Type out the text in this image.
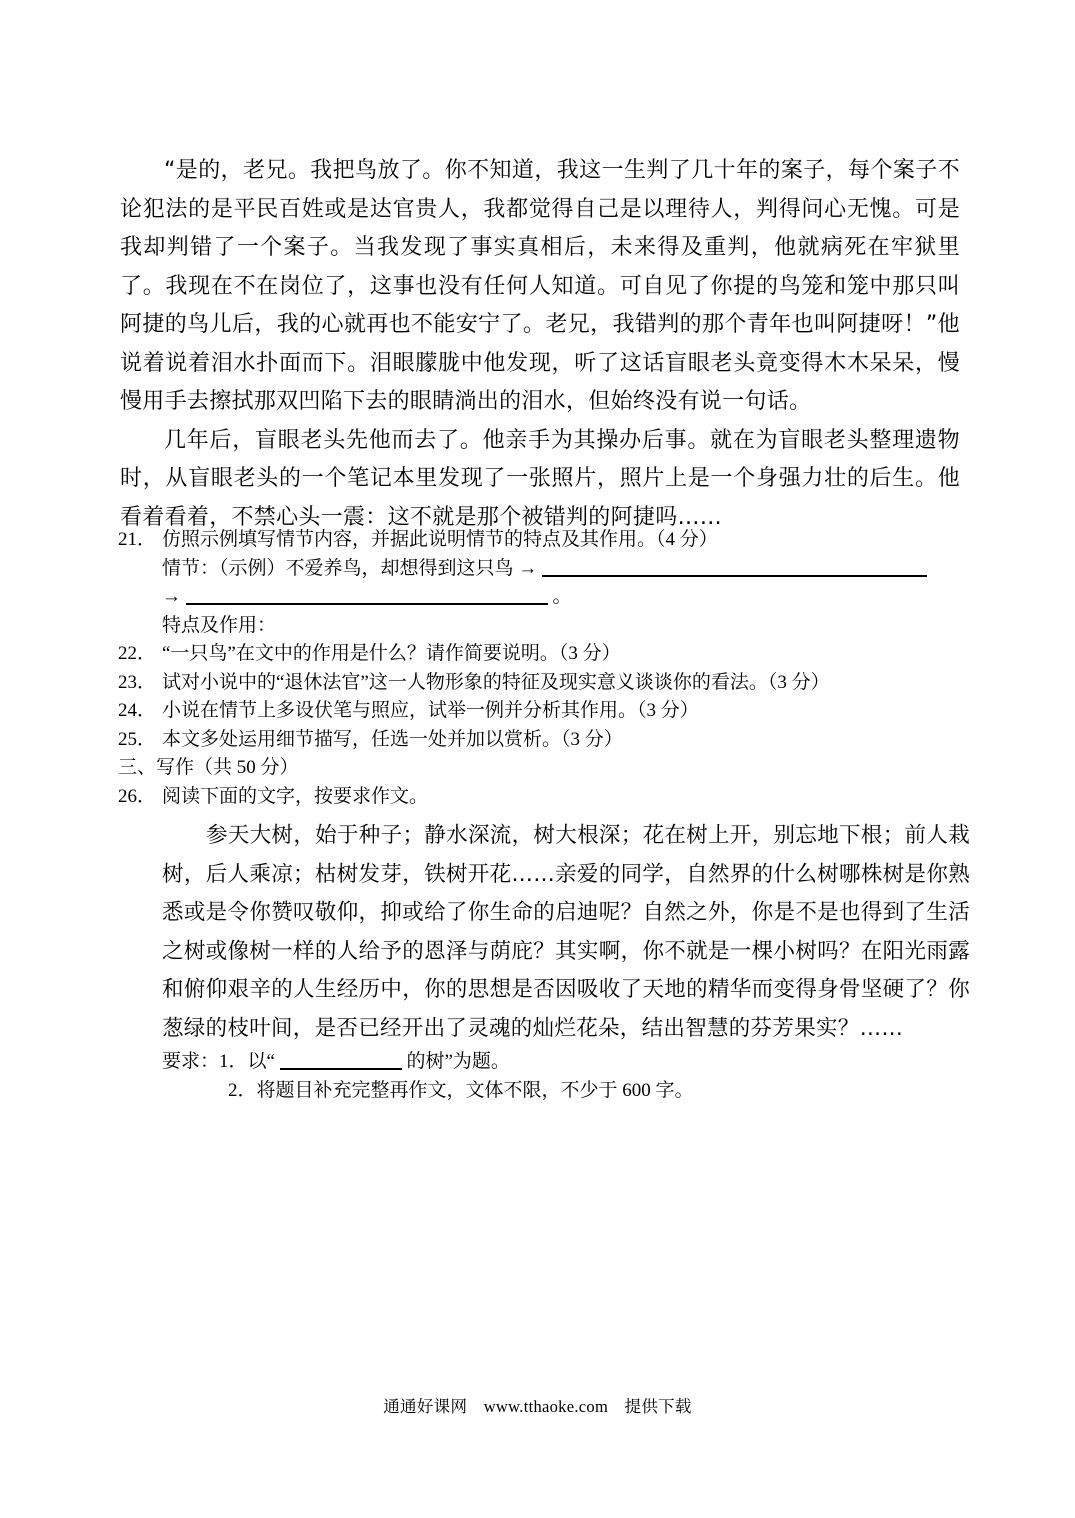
“是的，老兄。我把鸟放了。你不知道，我这一生判了几十年的案子，每个案子不论犯法的是平民百姓或是达官贵人，我都觉得自己是以理待人，判得问心无愧。可是我却判错了一个案子。当我发现了事实真相后，未来得及重判，他就病死在牢狱里了。我现在不在岗位了，这事也没有任何人知道。可自见了你提的鸟笼和笼中那只叫阿捷的鸟儿后，我的心就再也不能安宁了。老兄，我错判的那个青年也叫阿捷呀！”他说着说着泪水扑面而下。泪眼朦胧中他发现，听了这话盲眼老头竟变得木木呆呆，慢慢用手去擦拭那双凹陷下去的眼睛淌出的泪水，但始终没有说一句话。

几年后，盲眼老头先他而去了。他亲手为其操办后事。就在为盲眼老头整理遗物时，从盲眼老头的一个笔记本里发现了一张照片，照片上是一个身强力壮的后生。他看着看着，不禁心头一震：这不就是那个被错判的阿捷吗……

21． 仿照示例填写情节内容，并据此说明情节的特点及其作用。（4 分）
情节：（示例）不爱养鸟，却想得到这只鸟 →
→	。
特点及作用：
22． “一只鸟”在文中的作用是什么？请作简要说明。（3 分）
23． 试对小说中的“退休法官”这一人物形象的特征及现实意义谈谈你的看法。（3 分）
24． 小说在情节上多设伏笔与照应，试举一例并分析其作用。（3 分）
25． 本文多处运用细节描写，任选一处并加以赏析。（3 分）
三、写作（共 50 分）
26． 阅读下面的文字，按要求作文。

参天大树，始于种子；静水深流，树大根深；花在树上开，别忘地下根；前人栽树，后人乘凉；枯树发芽，铁树开花……亲爱的同学，自然界的什么树哪株树是你熟悉或是令你赞叹敬仰，抑或给了你生命的启迪呢？自然之外，你是不是也得到了生活之树或像树一样的人给予的恩泽与荫庇？其实啊，你不就是一棵小树吗？在阳光雨露和俯仰艰辛的人生经历中，你的思想是否因吸收了天地的精华而变得身骨坚硬了？你葱绿的枝叶间，是否已经开出了灵魂的灿烂花朵，结出智慧的芬芳果实？……

要求：1．以“	的树”为题。
2．将题目补充完整再作文，文体不限，不少于 600 字。
通通好课网 www.tthaoke.com 提供下载
